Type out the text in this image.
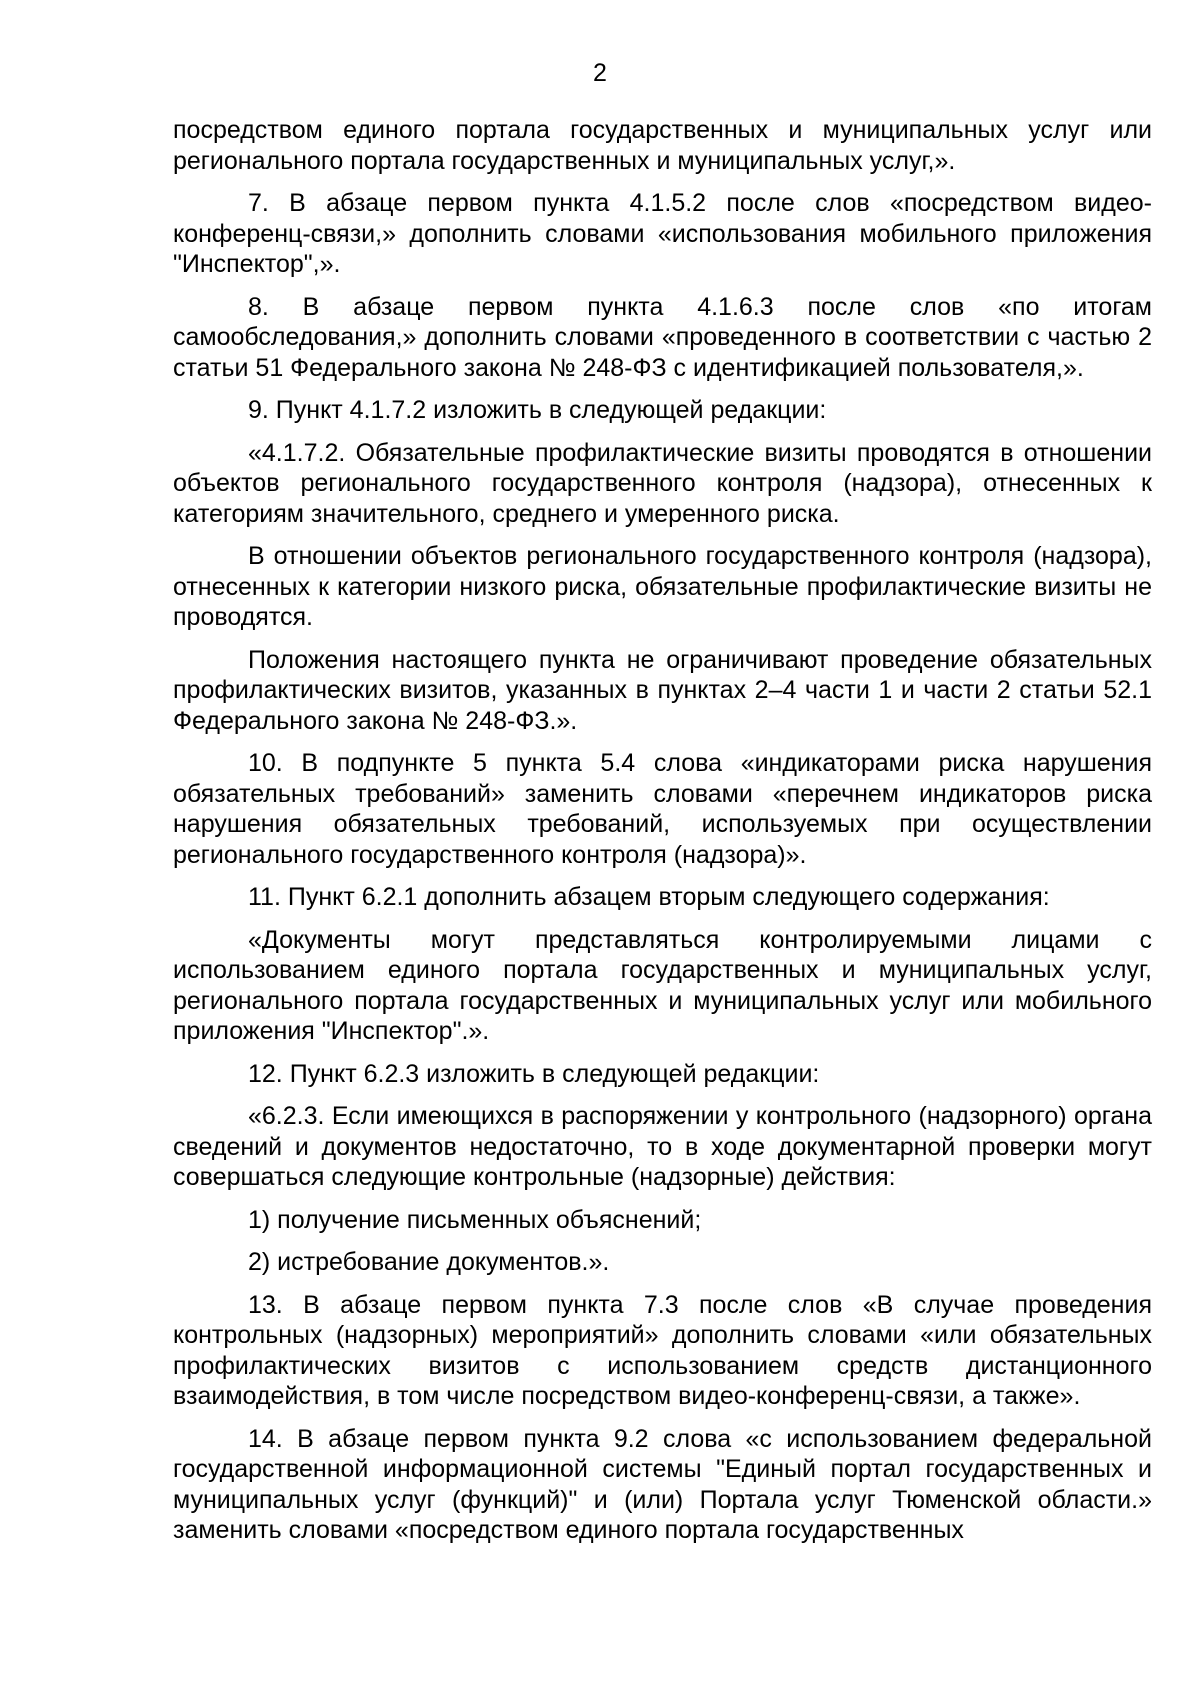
2

посредством единого портала государственных и муниципальных услуг или регионального портала государственных и муниципальных услуг,».

7. В абзаце первом пункта 4.1.5.2 после слов «посредством видео-конференц-связи,» дополнить словами «использования мобильного приложения "Инспектор",».

8. В абзаце первом пункта 4.1.6.3 после слов «по итогам самообследования,» дополнить словами «проведенного в соответствии с частью 2 статьи 51 Федерального закона № 248-ФЗ с идентификацией пользователя,».

9. Пункт 4.1.7.2 изложить в следующей редакции:

«4.1.7.2. Обязательные профилактические визиты проводятся в отношении объектов регионального государственного контроля (надзора), отнесенных к категориям значительного, среднего и умеренного риска.

В отношении объектов регионального государственного контроля (надзора), отнесенных к категории низкого риска, обязательные профилактические визиты не проводятся.

Положения настоящего пункта не ограничивают проведение обязательных профилактических визитов, указанных в пунктах 2–4 части 1 и части 2 статьи 52.1 Федерального закона № 248-ФЗ.».

10. В подпункте 5 пункта 5.4 слова «индикаторами риска нарушения обязательных требований» заменить словами «перечнем индикаторов риска нарушения обязательных требований, используемых при осуществлении регионального государственного контроля (надзора)».

11. Пункт 6.2.1 дополнить абзацем вторым следующего содержания:

«Документы могут представляться контролируемыми лицами с использованием единого портала государственных и муниципальных услуг, регионального портала государственных и муниципальных услуг или мобильного приложения "Инспектор".».

12. Пункт 6.2.3 изложить в следующей редакции:

«6.2.3. Если имеющихся в распоряжении у контрольного (надзорного) органа сведений и документов недостаточно, то в ходе документарной проверки могут совершаться следующие контрольные (надзорные) действия:

1) получение письменных объяснений;

2) истребование документов.».

13. В абзаце первом пункта 7.3 после слов «В случае проведения контрольных (надзорных) мероприятий» дополнить словами «или обязательных профилактических визитов с использованием средств дистанционного взаимодействия, в том числе посредством видео-конференц-связи, а также».

14. В абзаце первом пункта 9.2 слова «с использованием федеральной государственной информационной системы "Единый портал государственных и муниципальных услуг (функций)" и (или) Портала услуг Тюменской области.» заменить словами «посредством единого портала государственных
